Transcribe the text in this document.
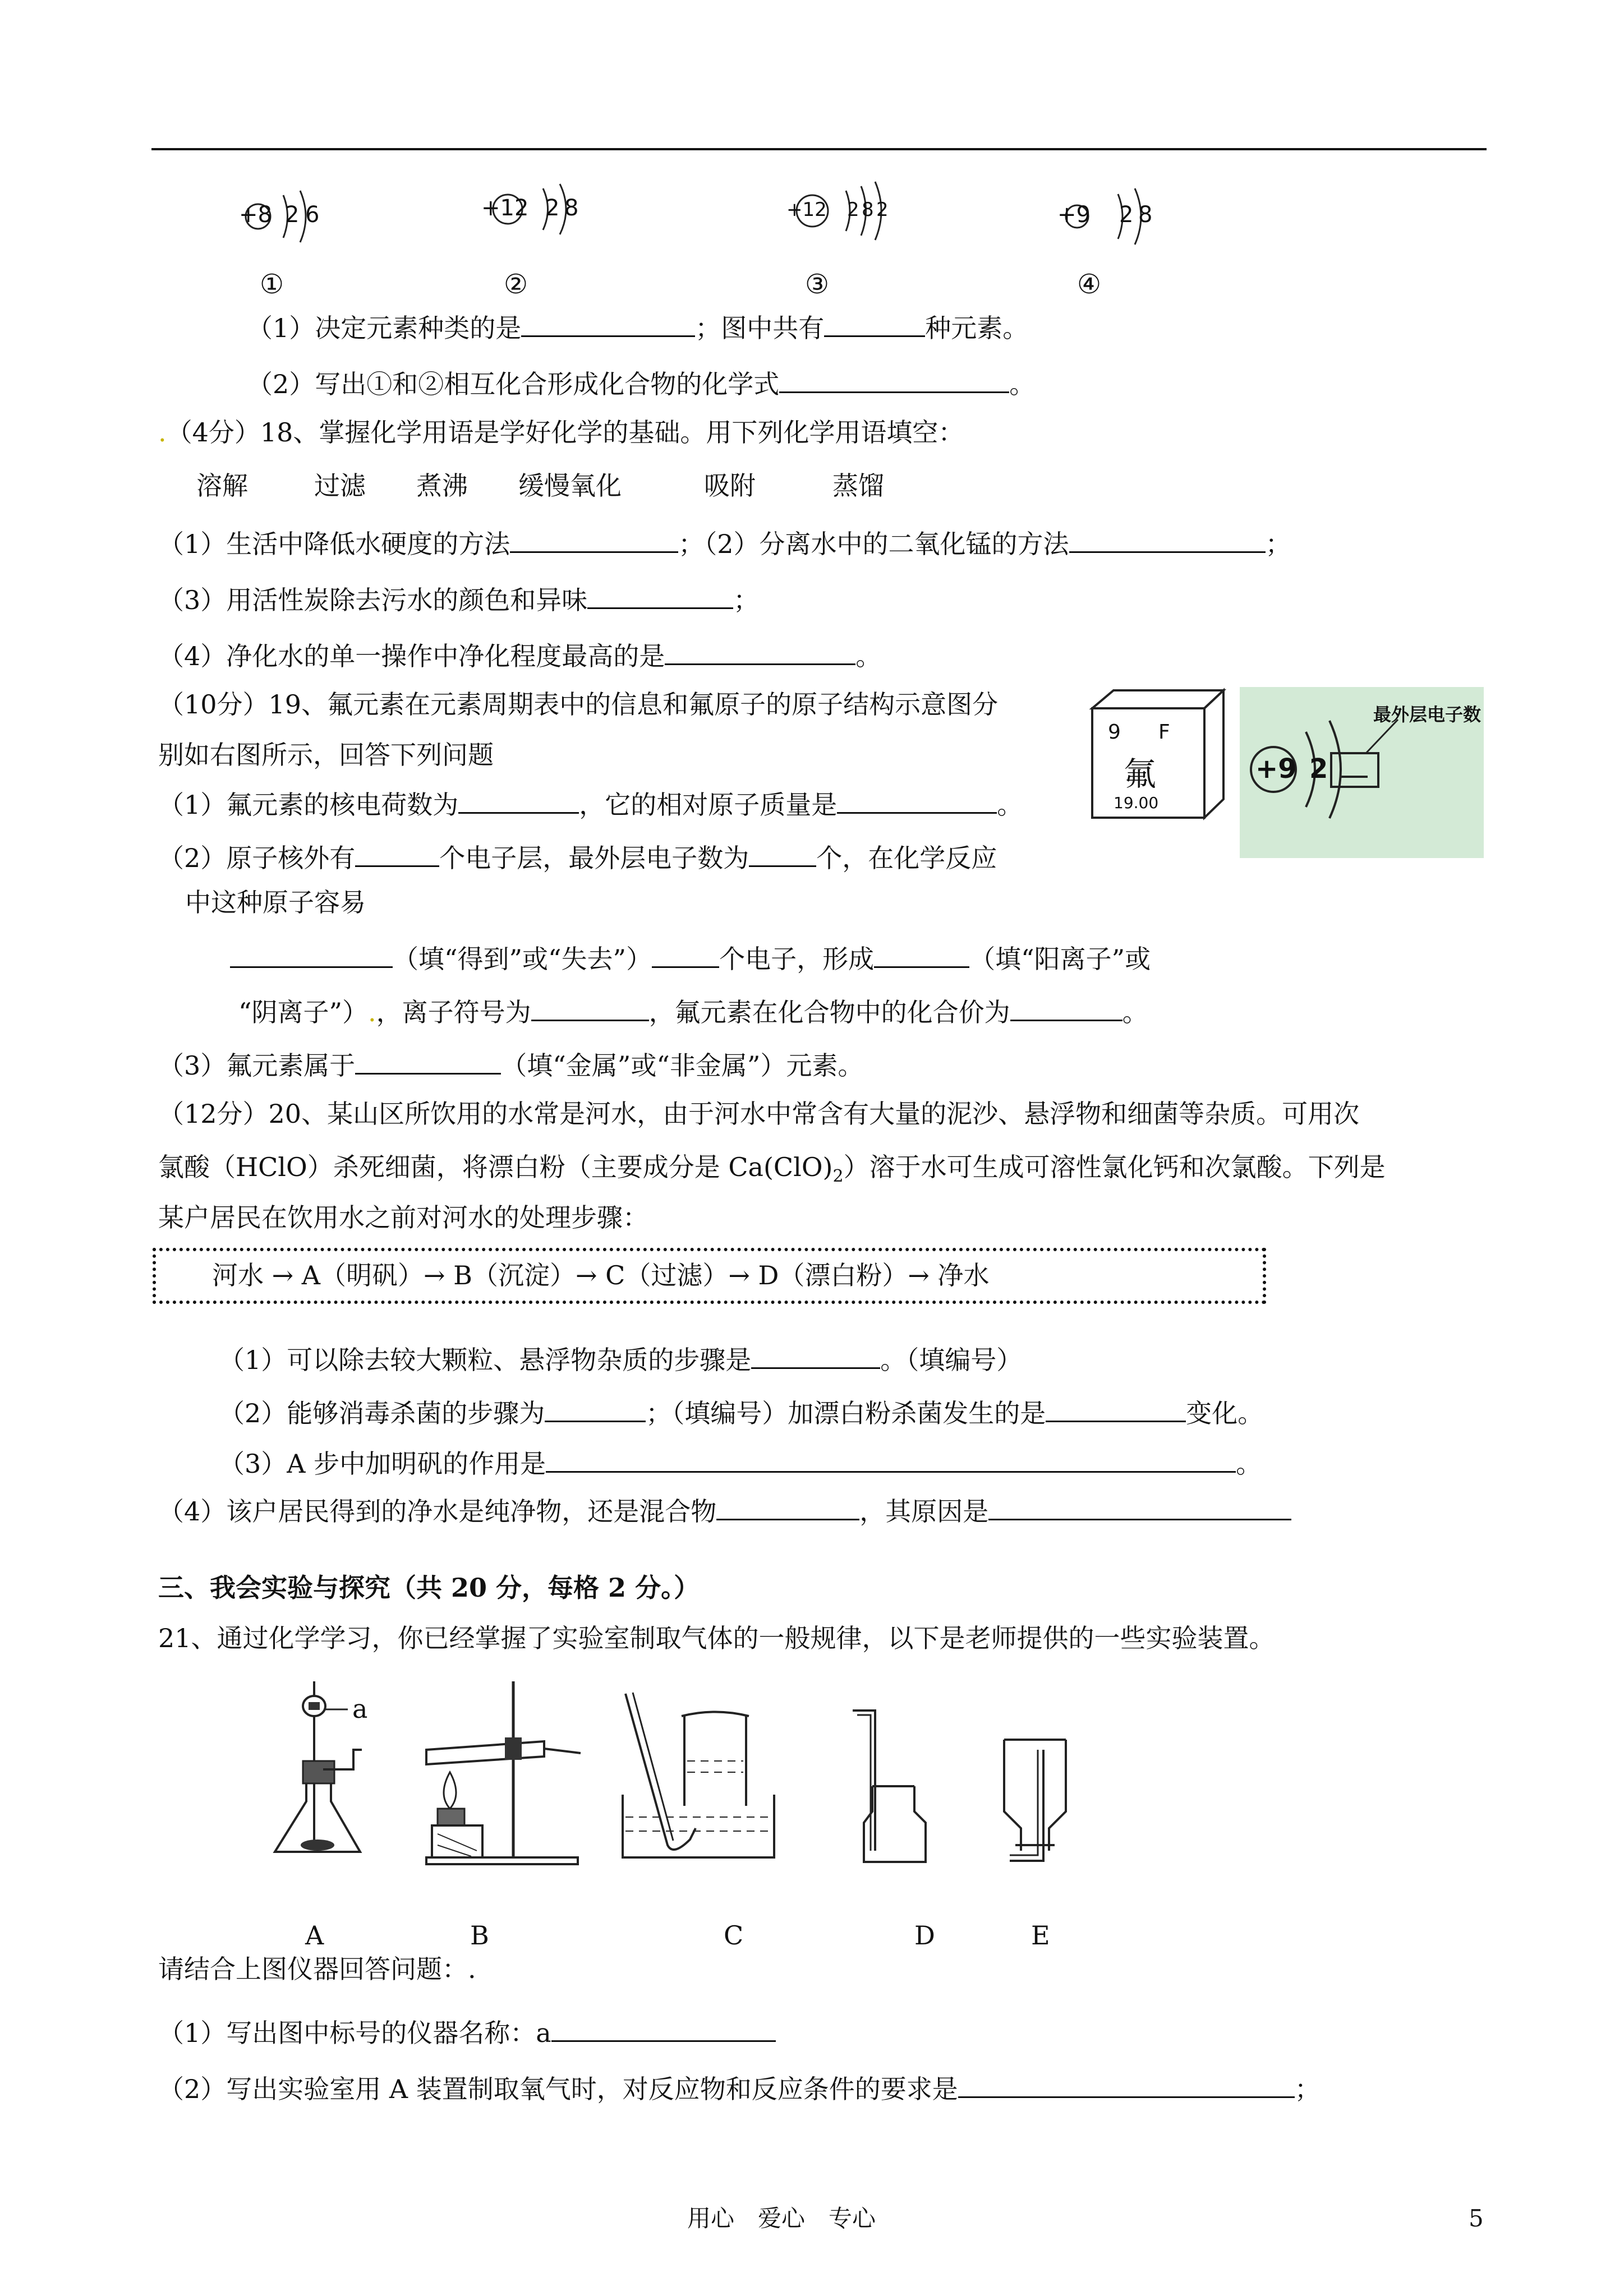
+8 2 6	+12 2 8	+12 2 8 2	+9 2 8
①	②	③	④
（1）决定元素种类的是	；图中共有	种元素。
（2）写出①和②相互化合形成化合物的化学式	。
.（4分）18、掌握化学用语是学好化学的基础。用下列化学用语填空：
溶解	过滤 煮沸 缓慢氧化	吸附	蒸馏
（1）生活中降低水硬度的方法	；（2）分离水中的二氧化锰的方法	；
（3）用活性炭除去污水的颜色和异味	；
（4）净化水的单一操作中净化程度最高的是	。
（10分）19、氟元素在元素周期表中的信息和氟原子的原子结构示意图分
别如右图所示，回答下列问题
（1）氟元素的核电荷数为	，它的相对原子质量是	。
（2）原子核外有	个电子层，最外层电子数为	个，在化学反应
中这种原子容易
（填“得到”或“失去”）	个电子，形成	（填“阳离子”或
“阴离子”）.，离子符号为	，氟元素在化合物中的化合价为	。
（3）氟元素属于	（填“金属”或“非金属”）元素。
9 F
氟
19.00
+9 2
最外层电子数
（12分）20、某山区所饮用的水常是河水，由于河水中常含有大量的泥沙、悬浮物和细菌等杂质。可用次
氯酸（HClO）杀死细菌，将漂白粉（主要成分是 $Ca(ClO)_2$）溶于水可生成可溶性氯化钙和次氯酸。下列是
某户居民在饮用水之前对河水的处理步骤：
河水 → A（明矾）→ B（沉淀）→ C（过滤）→ D（漂白粉）→ 净水
（1）可以除去较大颗粒、悬浮物杂质的步骤是	。（填编号）
（2）能够消毒杀菌的步骤为	；（填编号）加漂白粉杀菌发生的是	变化。
（3）A 步中加明矾的作用是	。
（4）该户居民得到的净水是纯净物，还是混合物	，其原因是
三、我会实验与探究（共 20 分，每格 2 分。）
21、通过化学学习，你已经掌握了实验室制取气体的一般规律，以下是老师提供的一些实验装置。
a
A	B	C	D	E
请结合上图仪器回答问题：.
（1）写出图中标号的仪器名称：a
（2）写出实验室用 A 装置制取氧气时，对反应物和反应条件的要求是	；
用心　爱心　专心	5
